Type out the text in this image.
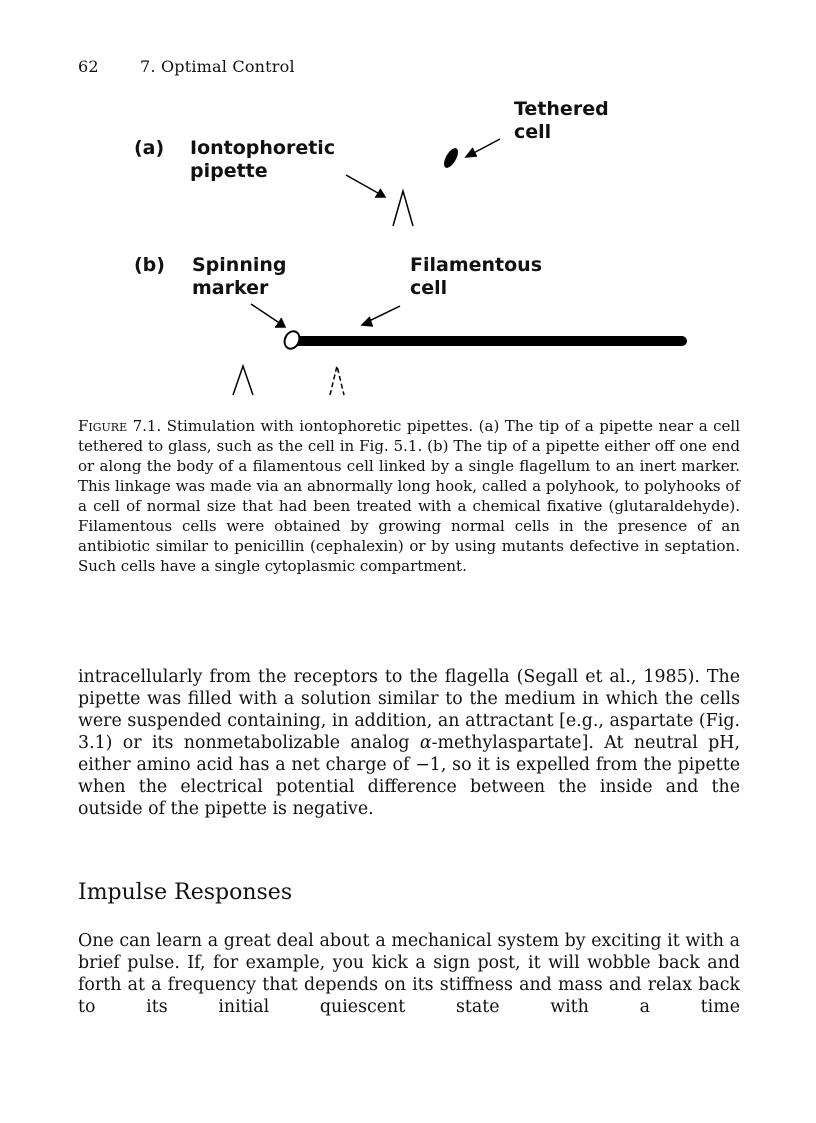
62	7. Optimal Control
Tethered
cell
(a) Iontophoretic
pipette
(b) Spinning
marker
Filamentous
cell

Figure 7.1. Stimulation with iontophoretic pipettes. (a) The tip of a pipette near a cell tethered to glass, such as the cell in Fig. 5.1. (b) The tip of a pipette either off one end or along the body of a filamentous cell linked by a single flagellum to an inert marker. This linkage was made via an abnormally long hook, called a polyhook, to polyhooks of a cell of normal size that had been treated with a chemical fixative (glutaraldehyde). Filamentous cells were obtained by growing normal cells in the presence of an antibiotic similar to penicillin (cephalexin) or by using mutants defective in septation. Such cells have a single cytoplasmic compartment.

intracellularly from the receptors to the flagella (Segall et al., 1985). The pipette was filled with a solution similar to the medium in which the cells were suspended containing, in addition, an attractant [e.g., aspartate (Fig. 3.1) or its nonmetabolizable analog α-methylaspartate]. At neutral pH, either amino acid has a net charge of −1, so it is expelled from the pipette when the electrical potential difference between the inside and the outside of the pipette is negative.

Impulse Responses

One can learn a great deal about a mechanical system by exciting it with a brief pulse. If, for example, you kick a sign post, it will wobble back and forth at a frequency that depends on its stiffness and mass and relax back to its initial quiescent state with a time
